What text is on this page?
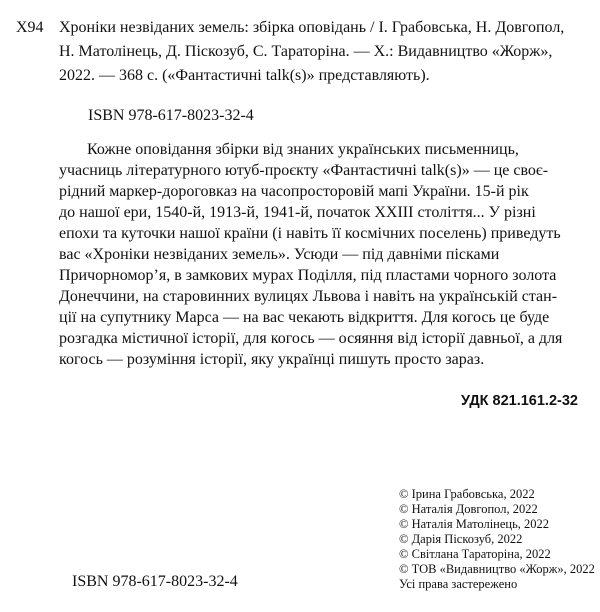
Х94 Хроніки незвіданих земель: збірка оповідань / І. Грабовська, Н. Довгопол,
Н. Матолінець, Д. Піскозуб, С. Тараторіна. — Х.: Видавництво «Жорж»,
2022. — 368 с. («Фантастичні talk(s)» представляють).
ISBN 978-617-8023-32-4
Кожне оповідання збірки від знаних українських письменниць,
учасниць літературного ютуб-проєкту «Фантастичні talk(s)» — це своє-
рідний маркер-дороговказ на часопросторовій мапі України. 15-й рік
до нашої ери, 1540-й, 1913-й, 1941-й, початок ХХІІІ століття... У різні
епохи та куточки нашої країни (і навіть її космічних поселень) приведуть
вас «Хроніки незвіданих земель». Усюди — під давніми пісками
Причорномор’я, в замкових мурах Поділля, під пластами чорного золота
Донеччини, на старовинних вулицях Львова і навіть на українській стан-
ції на супутнику Марса — на вас чекають відкриття. Для когось це буде
розгадка містичної історії, для когось — осяяння від історії давньої, а для
когось — розуміння історії, яку українці пишуть просто зараз.
УДК 821.161.2-32
© Ірина Грабовська, 2022
© Наталія Довгопол, 2022
© Наталія Матолінець, 2022
© Дарія Піскозуб, 2022
© Світлана Тараторіна, 2022
© ТОВ «Видавництво «Жорж», 2022
Усі права застережено
ISBN 978-617-8023-32-4
